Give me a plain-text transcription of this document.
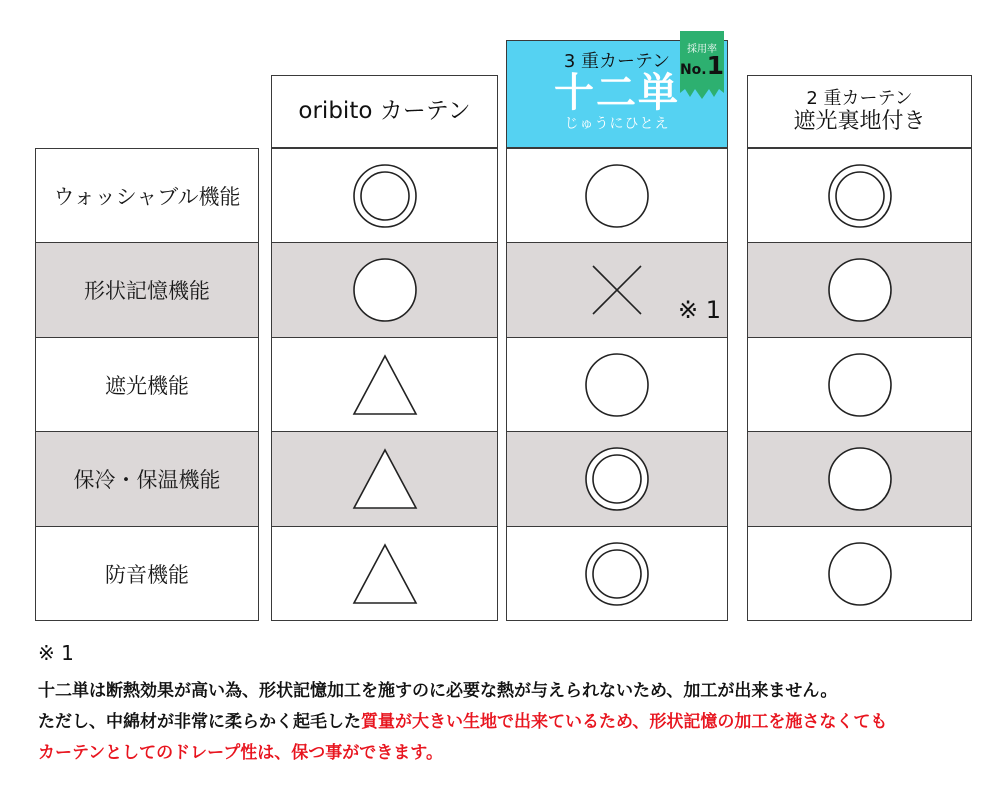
oribito カーテン
3 重カーテン
十二単
じゅうにひとえ
採用率
No.1
2 重カーテン
遮光裏地付き
ウォッシャブル機能
形状記憶機能
※ 1
遮光機能
保冷・保温機能
防音機能
※ 1
十二単は断熱効果が高い為、形状記憶加工を施すのに必要な熱が与えられないため、加工が出来ません。
ただし、中綿材が非常に柔らかく起毛した質量が大きい生地で出来ているため、形状記憶の加工を施さなくても
カーテンとしてのドレープ性は、保つ事ができます。
